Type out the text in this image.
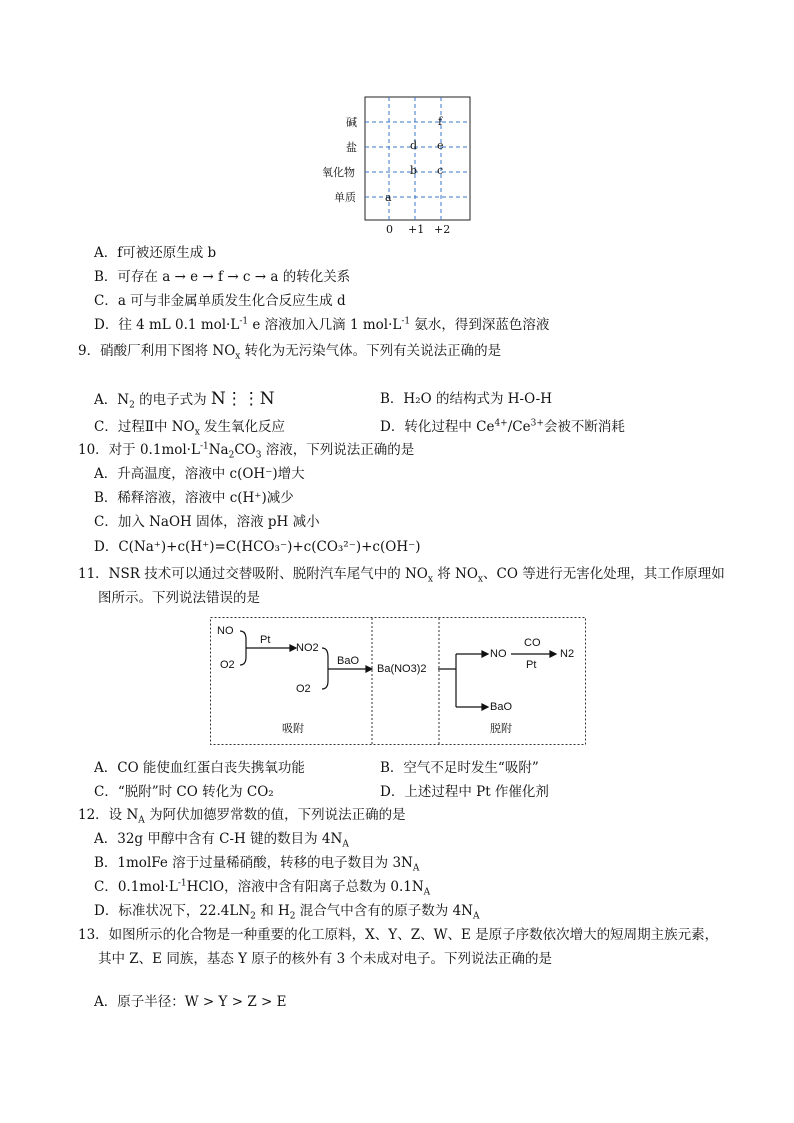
碱
盐
氧化物
单质
0 +1 +2
f
d e
b c
a
A．f可被还原生成 b
B．可存在 a → e → f → c → a 的转化关系
C．a 可与非金属单质发生化合反应生成 d
D．往 4 mL 0.1 $mol\cdot L^{-1}$ e 溶液加入几滴 1 $mol\cdot L^{-1}$ 氨水，得到深蓝色溶液
9．硝酸厂利用下图将 $NO_x$ 转化为无污染气体。下列有关说法正确的是
A．$N_2$ 的电子式为 N⋮⋮N	B．H₂O 的结构式为 H-O-H
C．过程Ⅱ中 $NO_x$ 发生氧化反应	D．转化过程中 $Ce^{4+}/Ce^{3+}$会被不断消耗
10．对于 $0.1mol\cdot L^{-1}Na_2CO_3$ 溶液，下列说法正确的是
A．升高温度，溶液中 c(OH⁻)增大
B．稀释溶液，溶液中 c(H⁺)减少
C．加入 NaOH 固体，溶液 pH 减小
D．C(Na⁺)+c(H⁺)=C(HCO₃⁻)+c(CO₃²⁻)+c(OH⁻)
11．NSR 技术可以通过交替吸附、脱附汽车尾气中的 $NO_x$ 将 $NO_x$、CO 等进行无害化处理，其工作原理如
图所示。下列说法错误的是
NO
O2
Pt
NO2
BaO
O2
Ba(NO3)2
NO
CO
Pt
N2
BaO
吸附	脱附
A．CO 能使血红蛋白丧失携氧功能	B．空气不足时发生“吸附”
C．“脱附”时 CO 转化为 CO₂	D．上述过程中 Pt 作催化剂
12．设 $N_A$ 为阿伏加德罗常数的值，下列说法正确的是
A．32g 甲醇中含有 C-H 键的数目为 $4N_A$
B．1molFe 溶于过量稀硝酸，转移的电子数目为 $3N_A$
C．$0.1mol\cdot L^{-1}HClO$，溶液中含有阳离子总数为 $0.1N_A$
D．标准状况下，$22.4LN_2$ 和 $H_2$ 混合气中含有的原子数为 $4N_A$
13．如图所示的化合物是一种重要的化工原料，X、Y、Z、W、E 是原子序数依次增大的短周期主族元素，
其中 Z、E 同族，基态 Y 原子的核外有 3 个未成对电子。下列说法正确的是
A．原子半径：W > Y > Z > E
